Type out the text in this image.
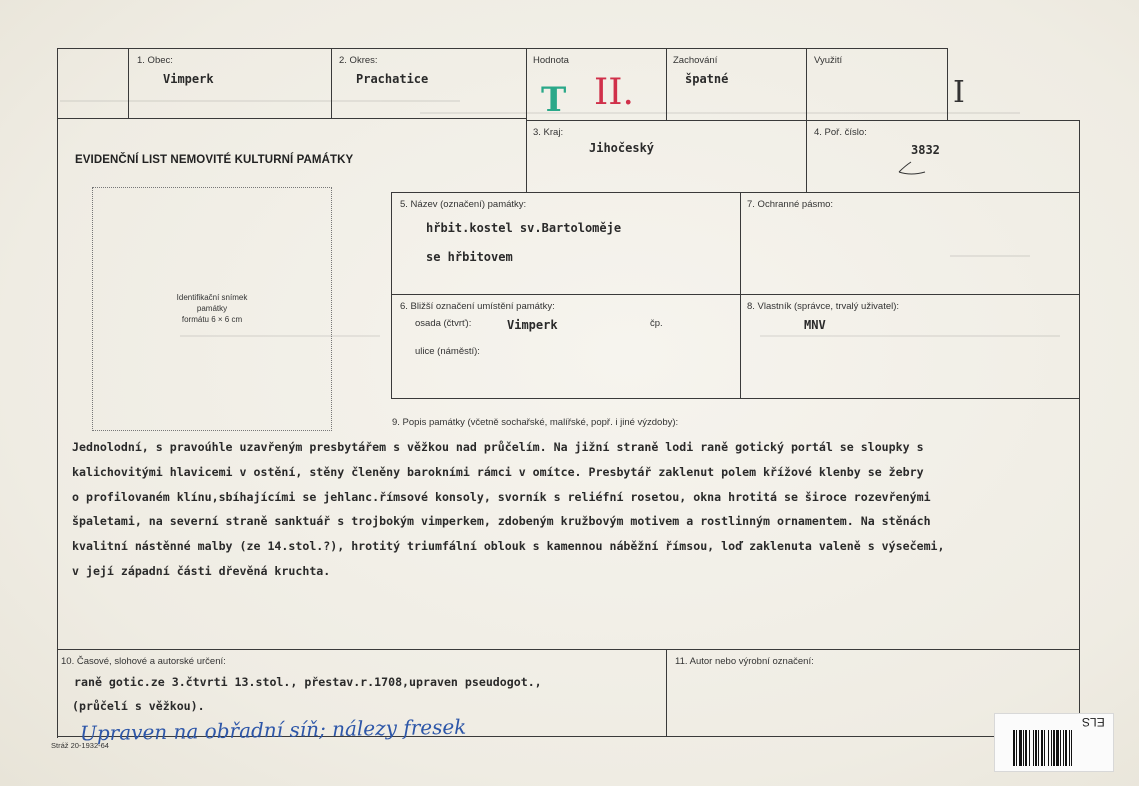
1. Obec:
Vimperk
2. Okres:
Prachatice
Hodnota
T II.
Zachování
špatné
Využití
I
EVIDENČNÍ LIST NEMOVITÉ KULTURNÍ PAMÁTKY
3. Kraj:
Jihočeský
4. Poř. číslo:
3832
Identifikační snímek
památky
formátu 6 × 6 cm
5. Název (označení) památky:
hřbit.kostel sv.Bartoloměje
se hřbitovem
7. Ochranné pásmo:
6. Bližší označení umístění památky:
osada (čtvrť):	Vimperk	čp.
ulice (náměstí):
8. Vlastník (správce, trvalý uživatel):
MNV
9. Popis památky (včetně sochařské, malířské, popř. i jiné výzdoby):
Jednolodní, s pravoúhle uzavřeným presbytářem s věžkou nad průčelím. Na jižní straně lodi raně gotický portál se sloupky s
kalichovitými hlavicemi v ostění, stěny členěny barokními rámci v omítce. Presbytář zaklenut polem křížové klenby se žebry
o profilovaném klínu,sbíhajícími se jehlanc.římsové konsoly, svorník s reliéfní rosetou, okna hrotitá se široce rozevřenými
špaletami, na severní straně sanktuář s trojbokým vimperkem, zdobeným kružbovým motivem a rostlinným ornamentem. Na stěnách
kvalitní nástěnné malby (ze 14.stol.?), hrotitý triumfální oblouk s kamennou náběžní římsou, loď zaklenuta valeně s výsečemi,
v její západní části dřevěná kruchta.
10. Časové, slohové a autorské určení:
raně gotic.ze 3.čtvrti 13.stol., přestav.r.1708,upraven pseudogot.,
(průčelí s věžkou).
11. Autor nebo výrobní označení:
Upraven na obřadní síň; nálezy fresek
Stráž 20-1932-64
ELS
